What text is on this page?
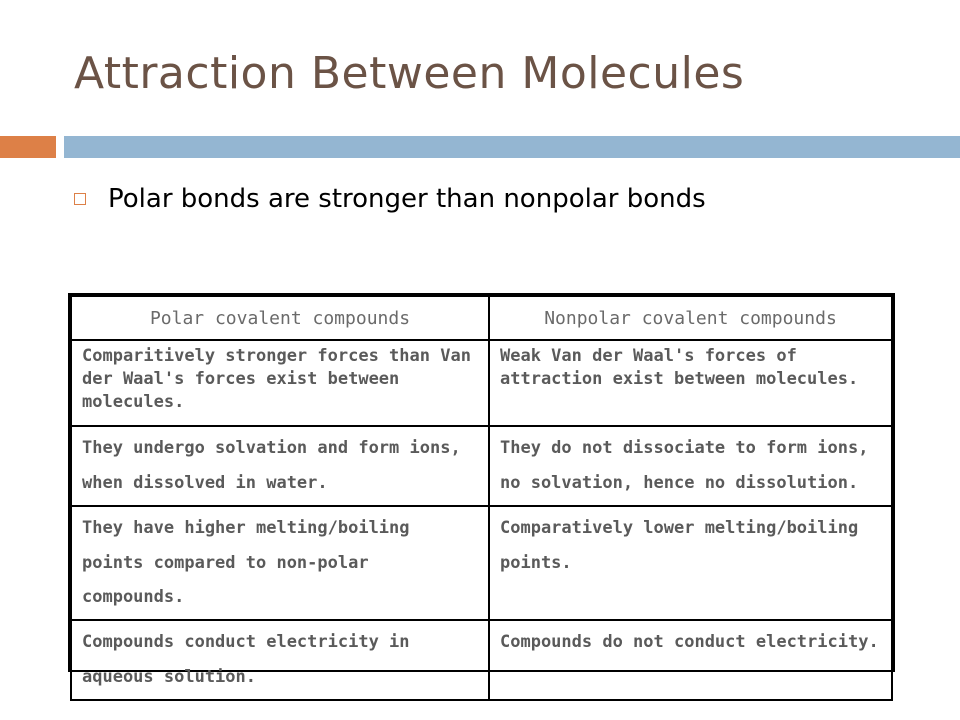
Attraction Between Molecules
Polar bonds are stronger than nonpolar bonds
Polar covalent compounds	Nonpolar covalent compounds
Comparitively stronger forces than Van der Waal's forces exist between molecules.	Weak Van der Waal's forces of attraction exist between molecules.
They undergo solvation and form ions, when dissolved in water.	They do not dissociate to form ions, no solvation, hence no dissolution.
They have higher melting/boiling points compared to non-polar compounds.	Comparatively lower melting/boiling points.
Compounds conduct electricity in aqueous solution.	Compounds do not conduct electricity.
